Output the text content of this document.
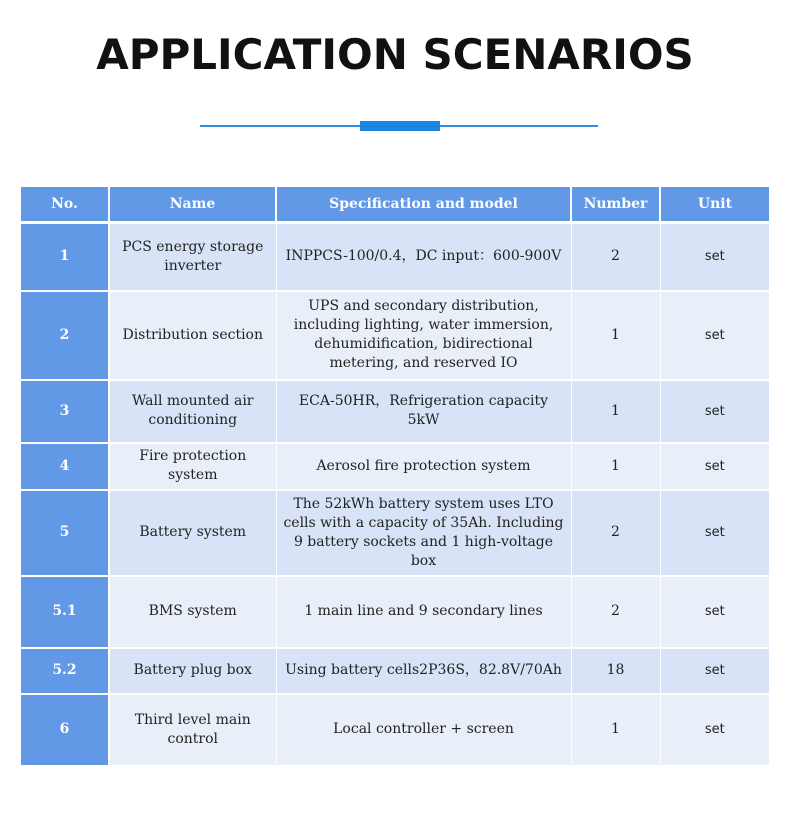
APPLICATION SCENARIOS
No.	Name	Specification and model	Number	Unit
1	PCS energy storage inverter	INPPCS-100/0.4，DC input：600-900V	2	set
2	Distribution section	UPS and secondary distribution, including lighting, water immersion, dehumidification, bidirectional metering, and reserved IO	1	set
3	Wall mounted air conditioning	ECA-50HR，Refrigeration capacity 5kW	1	set
4	Fire protection system	Aerosol fire protection system	1	set
5	Battery system	The 52kWh battery system uses LTO cells with a capacity of 35Ah. Including 9 battery sockets and 1 high-voltage box	2	set
5.1	BMS system	1 main line and 9 secondary lines	2	set
5.2	Battery plug box	Using battery cells2P36S，82.8V/70Ah	18	set
6	Third level main control	Local controller + screen	1	set
